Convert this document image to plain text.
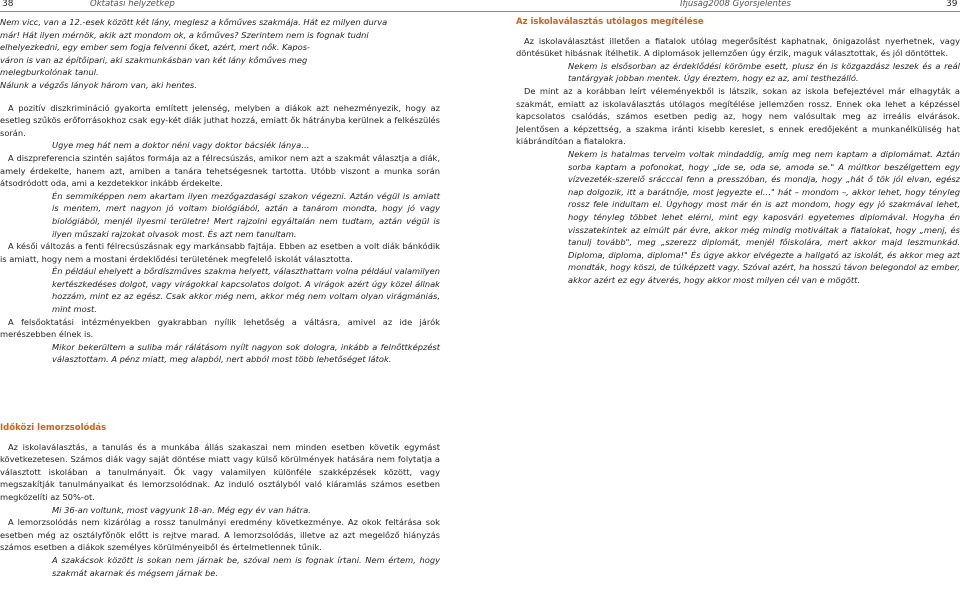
38	Oktatási helyzetkép	Ifjúság2008 Gyorsjelentés	39

Nem vicc, van a 12.-esek között két lány, meglesz a kőműves szakmája. Hát ez milyen durva

már! Hát ilyen mérnök, akik azt mondom ok, a kőműves? Szerintem nem is fognak tudni

elhelyezkedni, egy ember sem fogja felvenni őket, azért, mert nők. Kapos-

váron is van az építőipari, aki szakmunkásban van két lány kőműves meg

melegburkolónak tanul.

Nálunk a végzős lányok három van, aki hentes.

A pozitív diszkrimináció gyakorta említett jelenség, melyben a diákok azt nehezményezik, hogy az esetleg szűkös erőforrásokhoz csak egy-két diák juthat hozzá, emiatt ők hátrányba kerülnek a felkészülés során.

Ugye meg hát nem a doktor néni vagy doktor bácsiék lánya…

A diszpreferencia szintén sajátos formája az a félrecsúszás, amikor nem azt a szakmát választja a diák, amely érdekelte, hanem azt, amiben a tanára tehetségesnek tartotta. Utóbb viszont a munka során átsodródott oda, ami a kezdetekkor inkább érdekelte.

Én semmiképpen nem akartam ilyen mezőgazdasági szakon végezni. Aztán végül is amiatt is mentem, mert nagyon jó voltam biológiából, aztán a tanárom mondta, hogy jó vagy biológiából, menjél ilyesmi területre! Mert rajzolni egyáltalán nem tudtam, aztán végül is ilyen műszaki rajzokat olvasok most. És azt nem tanultam.

A késői változás a fenti félrecsúszásnak egy markánsabb fajtája. Ebben az esetben a volt diák bánkódik is amiatt, hogy nem a mostani érdeklődési területének megfelelő iskolát választotta.

Én például ehelyett a bőrdíszműves szakma helyett, választhattam volna például valamilyen kertészkedéses dolgot, vagy virágokkal kapcsolatos dolgot. A virágok azért úgy közel állnak hozzám, mint ez az egész. Csak akkor még nem, akkor még nem voltam olyan virágmániás, mint most.

A felsőoktatási intézményekben gyakrabban nyílik lehetőség a váltásra, amivel az ide járók merészebben élnek is.

Mikor bekerültem a suliba már rálátásom nyílt nagyon sok dologra, inkább a felnőttképzést választottam. A pénz miatt, meg alapból, nert abból most több lehetőséget látok.

Időközi lemorzsolódás

Az iskolaválasztás, a tanulás és a munkába állás szakaszai nem minden esetben követik egymást következetesen. Számos diák vagy saját döntése miatt vagy külső körülmények hatására nem folytatja a választott iskolában a tanulmányait. Ők vagy valamilyen különféle szakképzések között, vagy megszakítják tanulmányaikat és lemorzsolódnak. Az induló osztályból való kiáramlás számos esetben megközelíti az 50%-ot.

Mi 36-an voltunk, most vagyunk 18-an. Még egy év van hátra.

A lemorzsolódás nem kizárólag a rossz tanulmányi eredmény következménye. Az okok feltárása sok esetben még az osztályfőnök előtt is rejtve marad. A lemorzsolódás, illetve az azt megelőző hiányzás számos esetben a diákok személyes körülményeiből és értelmetlennek tűnik.

A szakácsok között is sokan nem járnak be, szóval nem is fognak írtani. Nem értem, hogy szakmát akarnak és mégsem járnak be.

Az iskolaválasztás utólagos megítélése

Az iskolaválasztást illetően a fiatalok utólag megerősítést kaphatnak, önigazolást nyerhetnek, vagy döntésüket hibásnak ítélhetik. A diplomások jellemzően úgy érzik, maguk választottak, és jól döntöttek.

Nekem is elsősorban az érdeklődési körömbe esett, plusz én is közgazdász leszek és a reál tantárgyak jobban mentek. Úgy éreztem, hogy ez az, ami testhezálló.

De mint az a korábban leírt véleményekből is látszik, sokan az iskola befejeztével már elhagyták a szakmát, emiatt az iskolaválasztás utólagos megítélése jellemzően rossz. Ennek oka lehet a képzéssel kapcsolatos csalódás, számos esetben pedig az, hogy nem valósultak meg az irreális elvárások. Jelentősen a képzettség, a szakma iránti kisebb kereslet, s ennek eredőjeként a munkanélküliség hat kiábrándítóan a fiatalokra.

Nekem is hatalmas terveim voltak mindaddig, amíg meg nem kaptam a diplomámat. Aztán sorba kaptam a pofonokat, hogy „ide se, oda se, amoda se." A múltkor beszélgettem egy vízvezeték-szerelő srácccal fenn a presszóban, és mondja, hogy „hát ő tök jól elvan, egész nap dolgozik, itt a barátnője, most jegyezte el…" hát – mondom –, akkor lehet, hogy tényleg rossz fele indultam el. Úgyhogy most már én is azt mondom, hogy egy jó szakmával lehet, hogy tényleg többet lehet elérni, mint egy kaposvári egyetemes diplomával. Hogyha én visszatekintek az elmúlt pár évre, akkor még mindig motiváltak a fiatalokat, hogy „menj, és tanulj tovább", meg „szerezz diplomát, menjél főiskolára, mert akkor majd leszmunkád. Diploma, diploma, diploma!" És úgye akkor elvégezte a hallgató az iskolát, és akkor meg azt mondták, hogy köszi, de túlképzett vagy. Szóval azért, ha hosszú távon belegondol az ember, akkor azért ez egy átverés, hogy akkor most milyen cél van e mögött.
